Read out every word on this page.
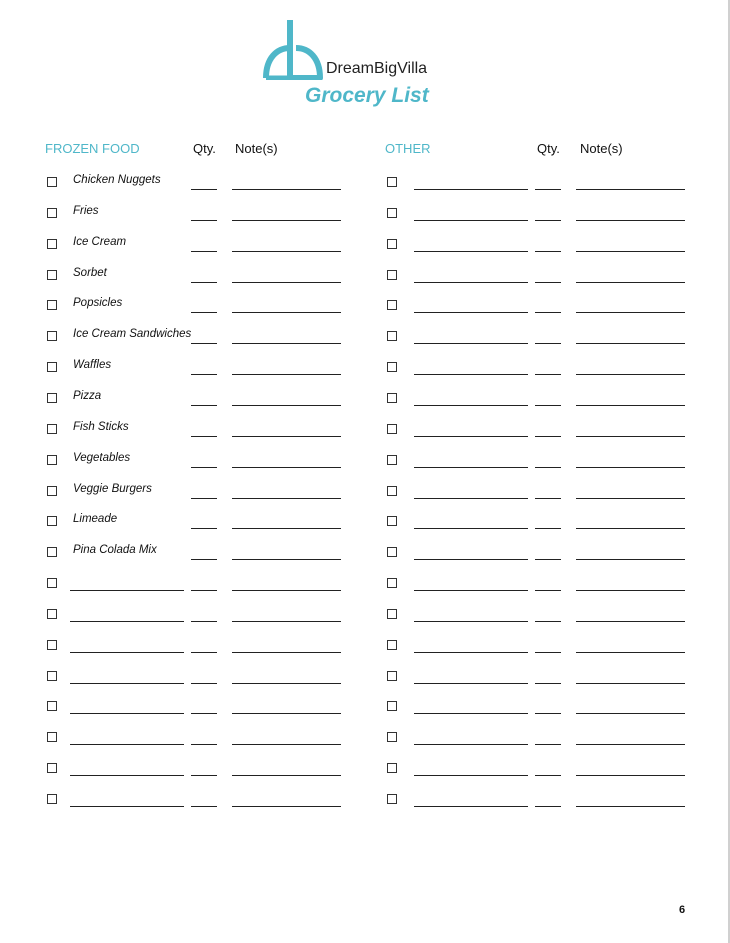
DreamBigVilla
Grocery List
FROZEN FOOD	Qty. Note(s)	OTHER	Qty. Note(s)
Chicken Nuggets
Fries
Ice Cream
Sorbet
Popsicles
Ice Cream Sandwiches
Waffles
Pizza
Fish Sticks
Vegetables
Veggie Burgers
Limeade
Pina Colada Mix
6
